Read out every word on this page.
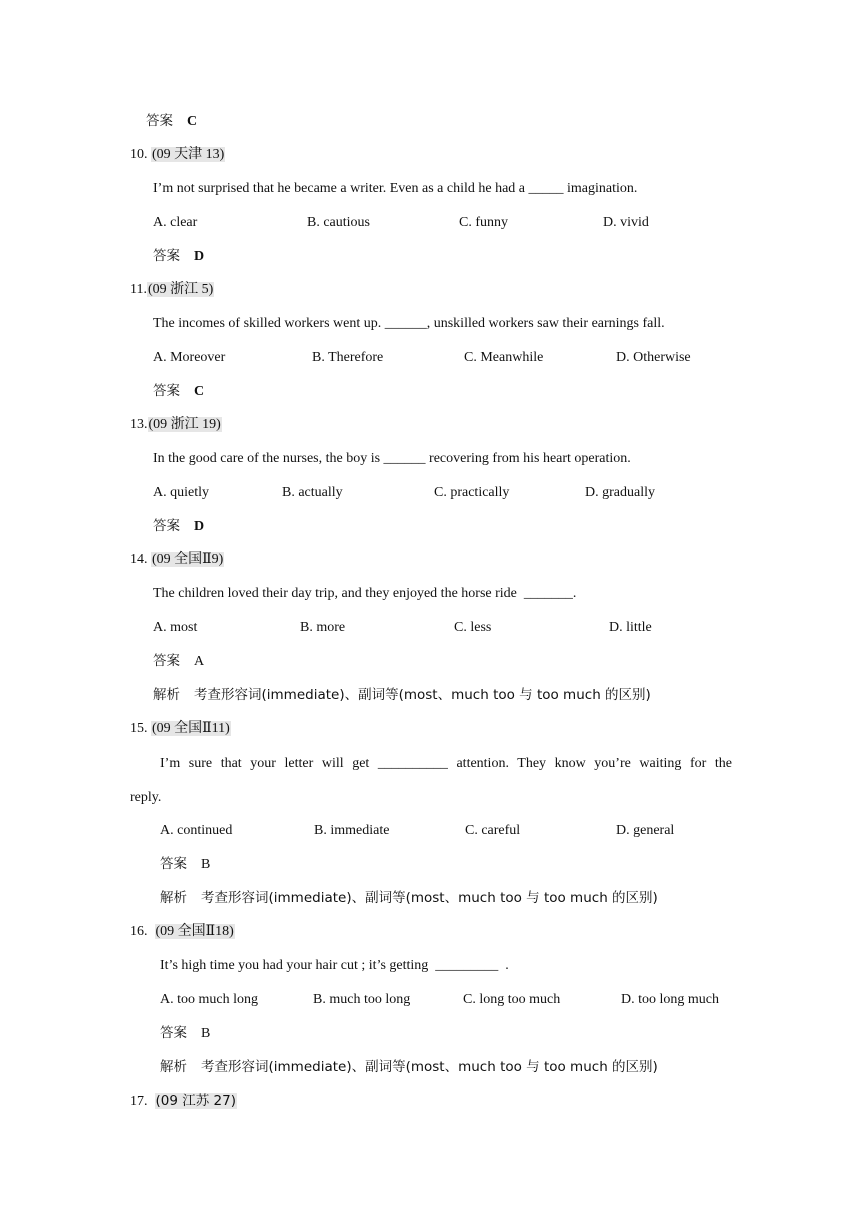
答案 C
10. (09 天津 13)
I’m not surprised that he became a writer. Even as a child he had a _____ imagination.
A. clear	B. cautious	C. funny	D. vivid
答案 D
11.(09 浙江 5)
The incomes of skilled workers went up. ______, unskilled workers saw their earnings fall.
A. Moreover	B. Therefore	C. Meanwhile	D. Otherwise
答案 C
13.(09 浙江 19)
In the good care of the nurses, the boy is ______ recovering from his heart operation.
A. quietly	B. actually	C. practically	D. gradually
答案 D
14. (09 全国Ⅱ9)
The children loved their day trip, and they enjoyed the horse ride  _______.
A. most	B. more	C. less	D. little
答案 A
解析 考查形容词(immediate)、副词等(most、much too 与 too much 的区别)
15. (09 全国Ⅱ11)
I’m sure that your letter will get __________ attention. They know you’re waiting for the
reply.
A. continued	B. immediate	C. careful	D. general
答案 B
解析 考查形容词(immediate)、副词等(most、much too 与 too much 的区别)
16. (09 全国Ⅱ18)
It’s high time you had your hair cut ; it’s getting  _________  .
A. too much long	B. much too long	C. long too much	D. too long much
答案 B
解析 考查形容词(immediate)、副词等(most、much too 与 too much 的区别)
17. (09 江苏 27)
